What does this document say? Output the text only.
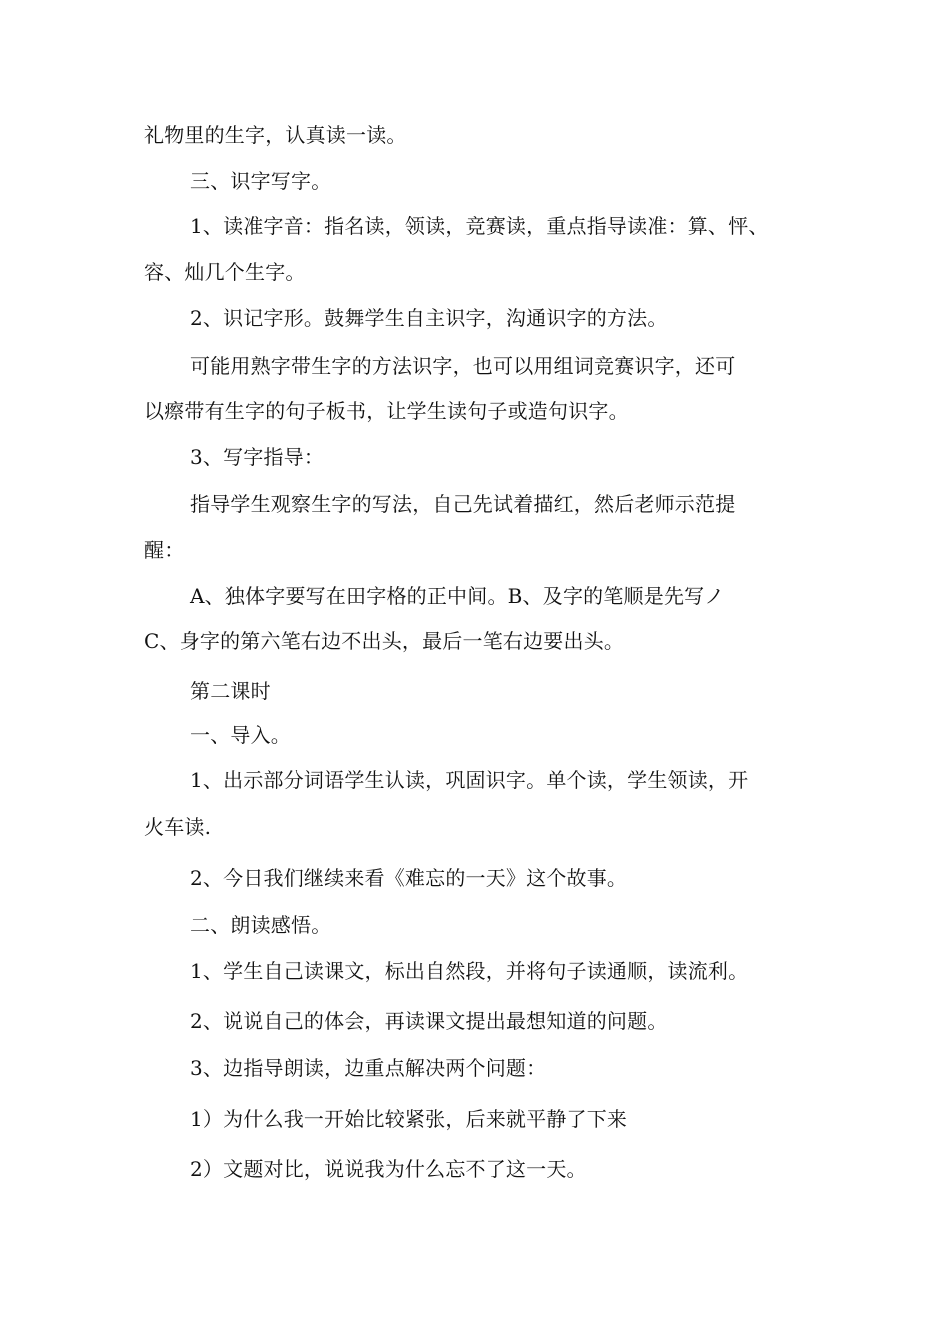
礼物里的生字，认真读一读。
三、识字写字。
1、读准字音：指名读，领读，竞赛读，重点指导读准：算、怦、
容、灿几个生字。
2、识记字形。鼓舞学生自主识字，沟通识字的方法。
可能用熟字带生字的方法识字，也可以用组词竞赛识字，还可
以瘵带有生字的句子板书，让学生读句子或造句识字。
3、写字指导：
指导学生观察生字的写法，自己先试着描红，然后老师示范提
醒：
A、独体字要写在田字格的正中间。B、及字的笔顺是先写ノ
C、身字的第六笔右边不出头，最后一笔右边要出头。
第二课时
一、导入。
1、出示部分词语学生认读，巩固识字。单个读，学生领读，开
火车读.
2、今日我们继续来看《难忘的一天》这个故事。
二、朗读感悟。
1、学生自己读课文，标出自然段，并将句子读通顺，读流利。
2、说说自己的体会，再读课文提出最想知道的问题。
3、边指导朗读，边重点解决两个问题：
1）为什么我一开始比较紧张，后来就平静了下来
2）文题对比，说说我为什么忘不了这一天。
